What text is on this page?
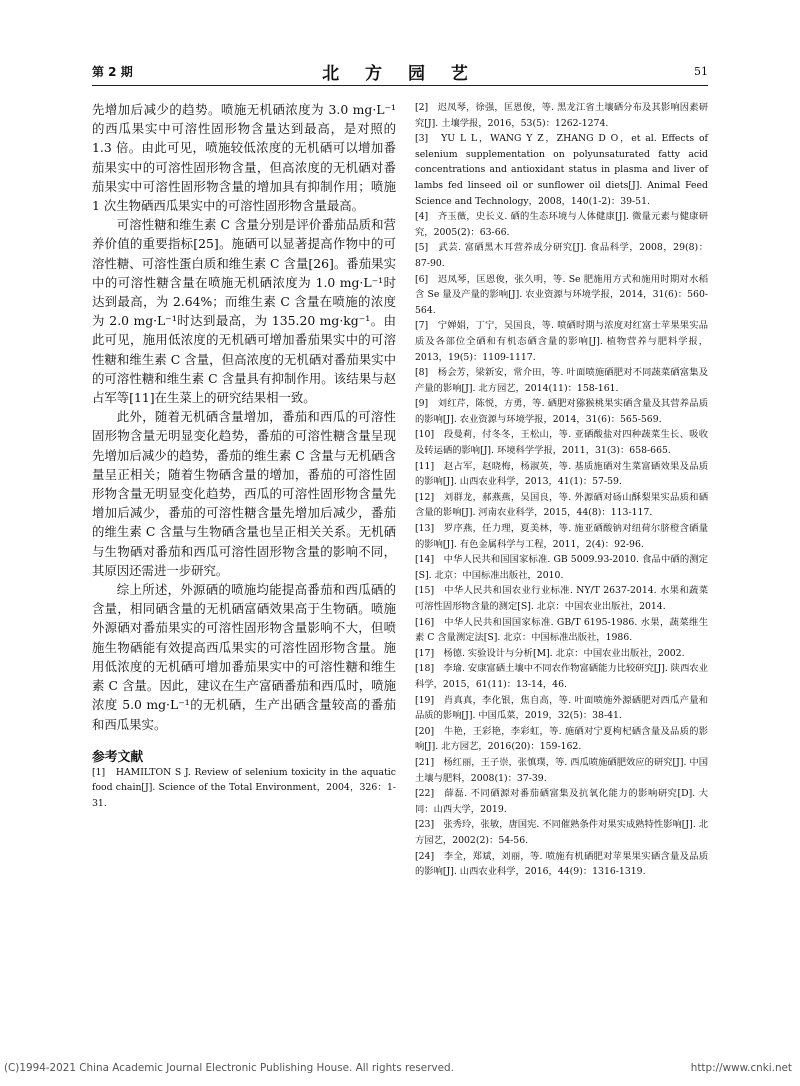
第 2 期	北 方 园 艺	51

先增加后减少的趋势。喷施无机硒浓度为 3.0 mg·L⁻¹的西瓜果实中可溶性固形物含量达到最高，是对照的 1.3 倍。由此可见，喷施较低浓度的无机硒可以增加番茄果实中的可溶性固形物含量，但高浓度的无机硒对番茄果实中可溶性固形物含量的增加具有抑制作用；喷施 1 次生物硒西瓜果实中的可溶性固形物含量最高。

可溶性糖和维生素 C 含量分别是评价番茄品质和营养价值的重要指标[25]。施硒可以显著提高作物中的可溶性糖、可溶性蛋白质和维生素 C 含量[26]。番茄果实中的可溶性糖含量在喷施无机硒浓度为 1.0 mg·L⁻¹时达到最高，为 2.64%；而维生素 C 含量在喷施的浓度为 2.0 mg·L⁻¹时达到最高，为 135.20 mg·kg⁻¹。由此可见，施用低浓度的无机硒可增加番茄果实中的可溶性糖和维生素 C 含量，但高浓度的无机硒对番茄果实中的可溶性糖和维生素 C 含量具有抑制作用。该结果与赵占军等[11]在生菜上的研究结果相一致。

此外，随着无机硒含量增加，番茄和西瓜的可溶性固形物含量无明显变化趋势，番茄的可溶性糖含量呈现先增加后减少的趋势，番茄的维生素 C 含量与无机硒含量呈正相关；随着生物硒含量的增加，番茄的可溶性固形物含量无明显变化趋势，西瓜的可溶性固形物含量先增加后减少，番茄的可溶性糖含量先增加后减少，番茄的维生素 C 含量与生物硒含量也呈正相关关系。无机硒与生物硒对番茄和西瓜可溶性固形物含量的影响不同，其原因还需进一步研究。

综上所述，外源硒的喷施均能提高番茄和西瓜硒的含量，相同硒含量的无机硒富硒效果高于生物硒。喷施外源硒对番茄果实的可溶性固形物含量影响不大，但喷施生物硒能有效提高西瓜果实的可溶性固形物含量。施用低浓度的无机硒可增加番茄果实中的可溶性糖和维生素 C 含量。因此，建议在生产富硒番茄和西瓜时，喷施浓度 5.0 mg·L⁻¹的无机硒，生产出硒含量较高的番茄和西瓜果实。

参考文献

[1]　HAMILTON S J. Review of selenium toxicity in the aquatic food chain[J]. Science of the Total Environment，2004，326：1-31.

[2]　迟凤琴，徐强，匡恩俊，等. 黑龙江省土壤硒分布及其影响因素研究[J]. 土壤学报，2016，53(5)：1262-1274.

[3]　YU L L，WANG Y Z，ZHANG D O，et al. Effects of selenium supplementation on polyunsaturated fatty acid concentrations and antioxidant status in plasma and liver of lambs fed linseed oil or sunflower oil diets[J]. Animal Feed Science and Technology，2008，140(1-2)：39-51.

[4]　齐玉薇，史长义. 硒的生态环境与人体健康[J]. 微量元素与健康研究，2005(2)：63-66.

[5]　武芸. 富硒黑木耳营养成分研究[J]. 食品科学，2008，29(8)：87-90.

[6]　迟凤琴，匡恩俊，张久明，等. Se 肥施用方式和施用时期对水稻含 Se 量及产量的影响[J]. 农业资源与环境学报，2014，31(6)：560-564.

[7]　宁婵娟，丁宁，吴国良，等. 喷硒时期与浓度对红富士苹果果实品质及各部位全硒和有机态硒含量的影响[J]. 植物营养与肥料学报，2013，19(5)：1109-1117.

[8]　杨会芳，梁新安，常介田，等. 叶面喷施硒肥对不同蔬菜硒富集及产量的影响[J]. 北方园艺，2014(11)：158-161.

[9]　刘红芹，陈悦，方勇，等. 硒肥对猕猴桃果实硒含量及其营养品质的影响[J]. 农业资源与环境学报，2014，31(6)：565-569.

[10]　段曼莉，付冬冬，王松山，等. 亚硒酸盐对四种蔬菜生长、吸收及转运硒的影响[J]. 环境科学学报，2011，31(3)：658-665.

[11]　赵占军，赵晓梅，杨淑英，等. 基质施硒对生菜富硒效果及品质的影响[J]. 山西农业科学，2013，41(1)：57-59.

[12]　刘群龙，郝燕燕，吴国良，等. 外源硒对砀山酥梨果实品质和硒含量的影响[J]. 河南农业科学，2015，44(8)：113-117.

[13]　罗序燕，任力理，夏美林，等. 施亚硒酸钠对纽荷尔脐橙含硒量的影响[J]. 有色金属科学与工程，2011，2(4)：92-96.

[14]　中华人民共和国国家标准. GB 5009.93-2010. 食品中硒的测定[S]. 北京：中国标准出版社，2010.

[15]　中华人民共和国农业行业标准. NY/T 2637-2014. 水果和蔬菜可溶性固形物含量的测定[S]. 北京：中国农业出版社，2014.

[16]　中华人民共和国国家标准. GB/T 6195-1986. 水果，蔬菜维生素 C 含量测定法[S]. 北京：中国标准出版社，1986.

[17]　杨德. 实验设计与分析[M]. 北京：中国农业出版社，2002.

[18]　李瑜. 安康富硒土壤中不同农作物富硒能力比较研究[J]. 陕西农业科学，2015，61(11)：13-14，46.

[19]　肖真真，李化银，焦自高，等. 叶面喷施外源硒肥对西瓜产量和品质的影响[J]. 中国瓜菜，2019，32(5)：38-41.

[20]　牛艳，王彩艳，李彩虹，等. 施硒对宁夏枸杞硒含量及品质的影响[J]. 北方园艺，2016(20)：159-162.

[21]　杨红丽，王子崇，张慎璞，等. 西瓜喷施硒肥效应的研究[J]. 中国土壤与肥料，2008(1)：37-39.

[22]　薛磊. 不同硒源对番茄硒富集及抗氧化能力的影响研究[D]. 大同：山西大学，2019.

[23]　张秀玲，张敏，唐国宪. 不同催熟条件对果实成熟特性影响[J]. 北方园艺，2002(2)：54-56.

[24]　李全，郑斌，刘丽，等. 喷施有机硒肥对苹果果实硒含量及品质的影响[J]. 山西农业科学，2016，44(9)：1316-1319.

(C)1994-2021 China Academic Journal Electronic Publishing House. All rights reserved.	http://www.cnki.net
